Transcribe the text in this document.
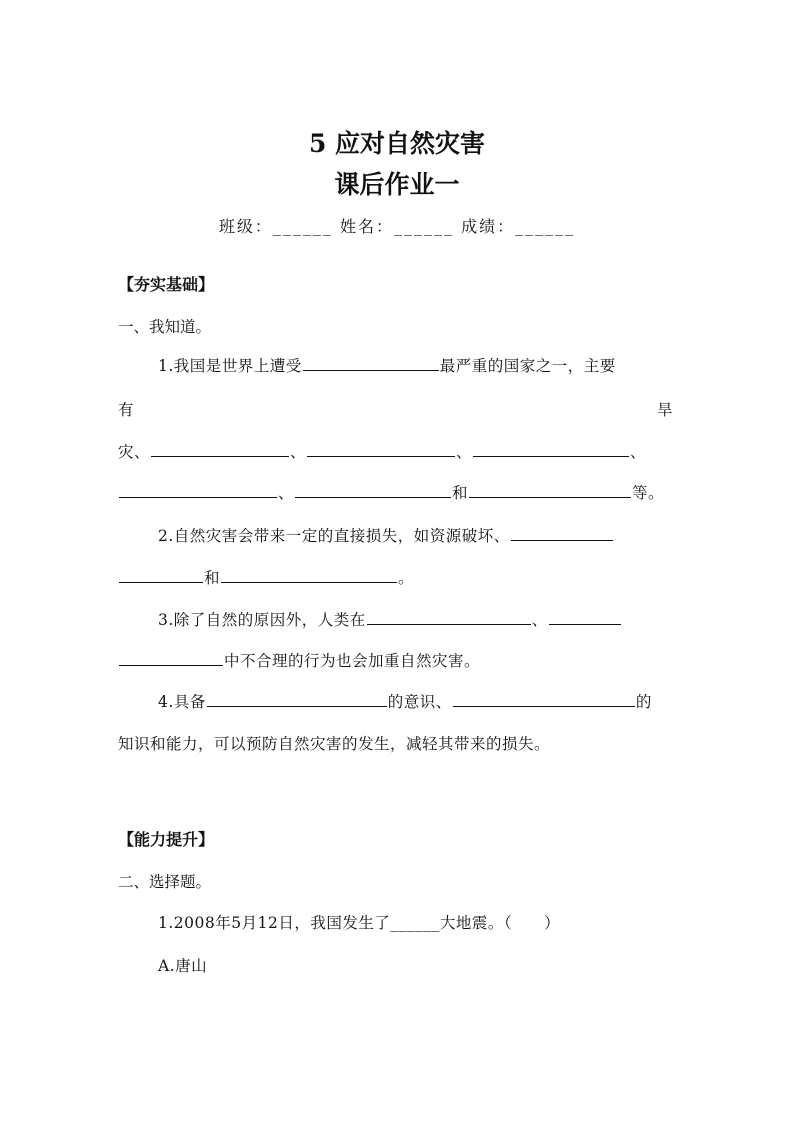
5 应对自然灾害
课后作业一
班级：______ 姓名：______ 成绩：______
【夯实基础】
一、我知道。
1.我国是世界上遭受	最严重的国家之一，主要
有	旱
灾、	、	、	、
、	和	等。
2.自然灾害会带来一定的直接损失，如资源破坏、
和	。
3.除了自然的原因外，人类在	、
中不合理的行为也会加重自然灾害。
4.具备	的意识、	的
知识和能力，可以预防自然灾害的发生，减轻其带来的损失。
【能力提升】
二、选择题。
1.2008年5月12日，我国发生了______大地震。（　　）
A.唐山
